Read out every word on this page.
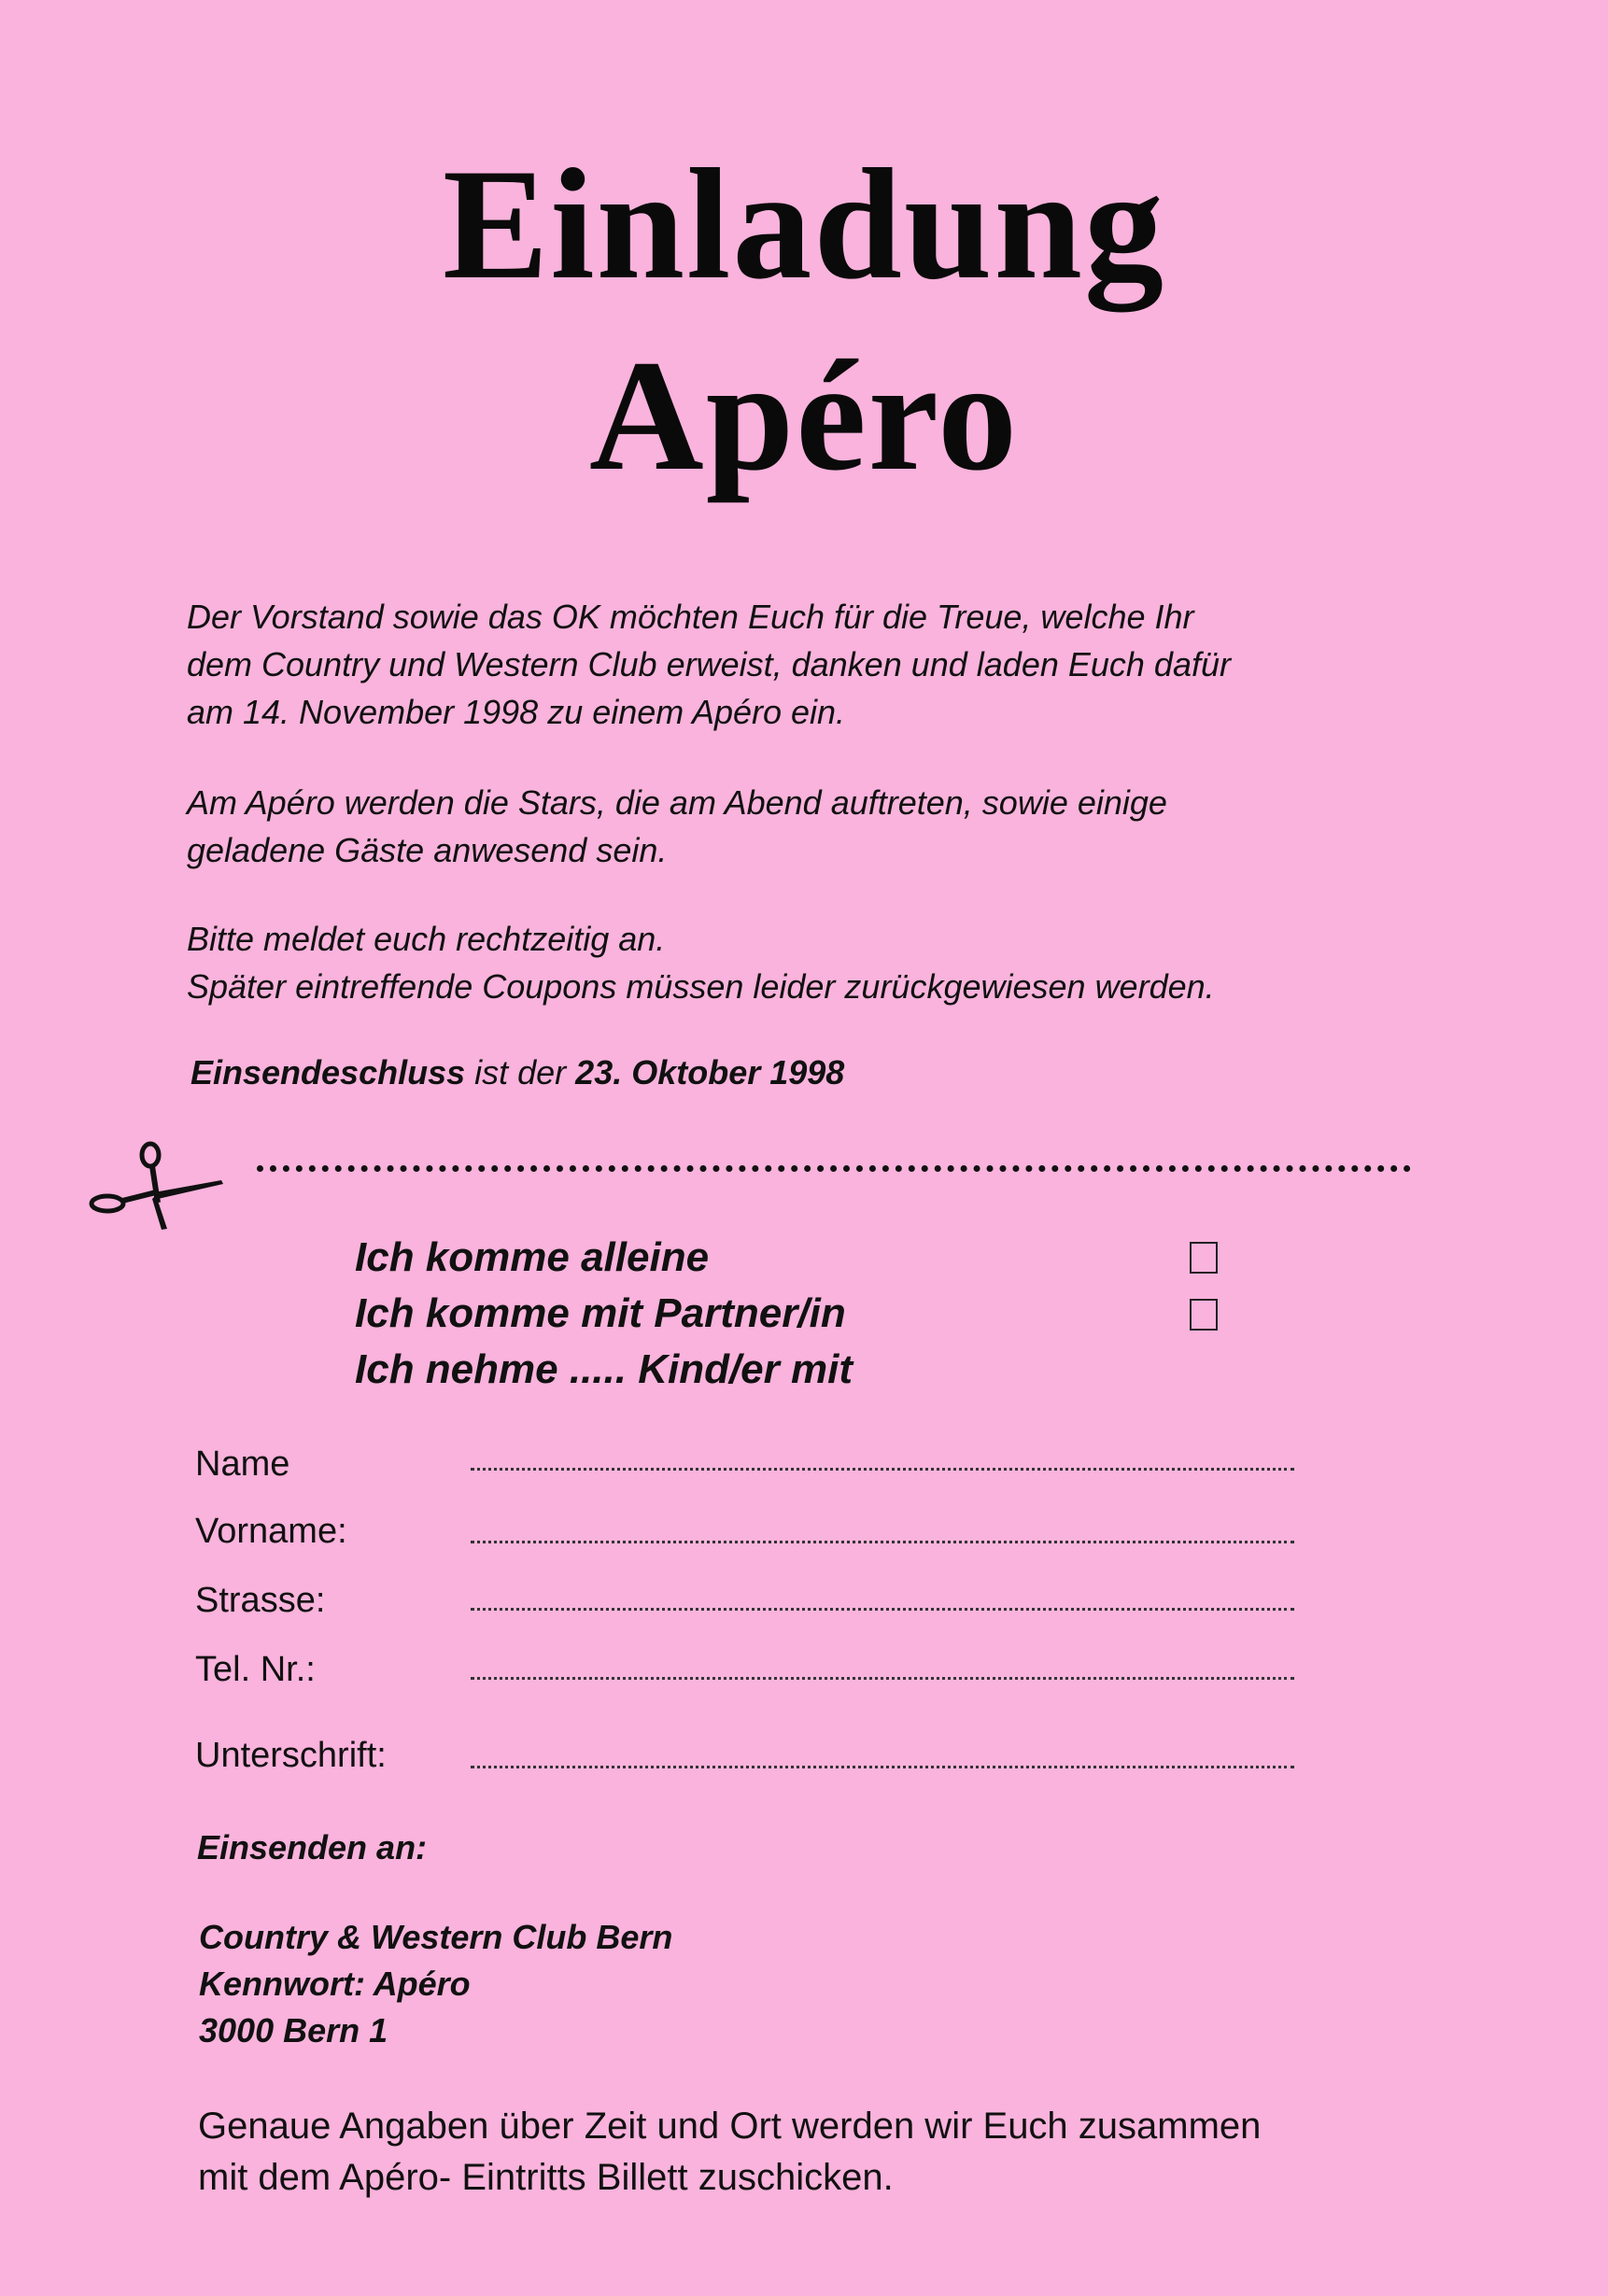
Einladung
Apéro

Der Vorstand sowie das OK möchten Euch für die Treue, welche Ihr

dem Country und Western Club erweist, danken und laden Euch dafür

am 14. November 1998 zu einem Apéro ein.

Am Apéro werden die Stars, die am Abend auftreten, sowie einige

geladene Gäste anwesend sein.

Bitte meldet euch rechtzeitig an.

Später eintreffende Coupons müssen leider zurückgewiesen werden.

Einsendeschluss ist der 23. Oktober 1998
Ich komme alleine
Ich komme mit Partner/in
Ich nehme ..... Kind/er mit
Name
Vorname:
Strasse:
Tel. Nr.:
Unterschrift:
Einsenden an:
Country & Western Club Bern
Kennwort: Apéro
3000 Bern 1

Genaue Angaben über Zeit und Ort werden wir Euch zusammen

mit dem Apéro- Eintritts Billett zuschicken.
